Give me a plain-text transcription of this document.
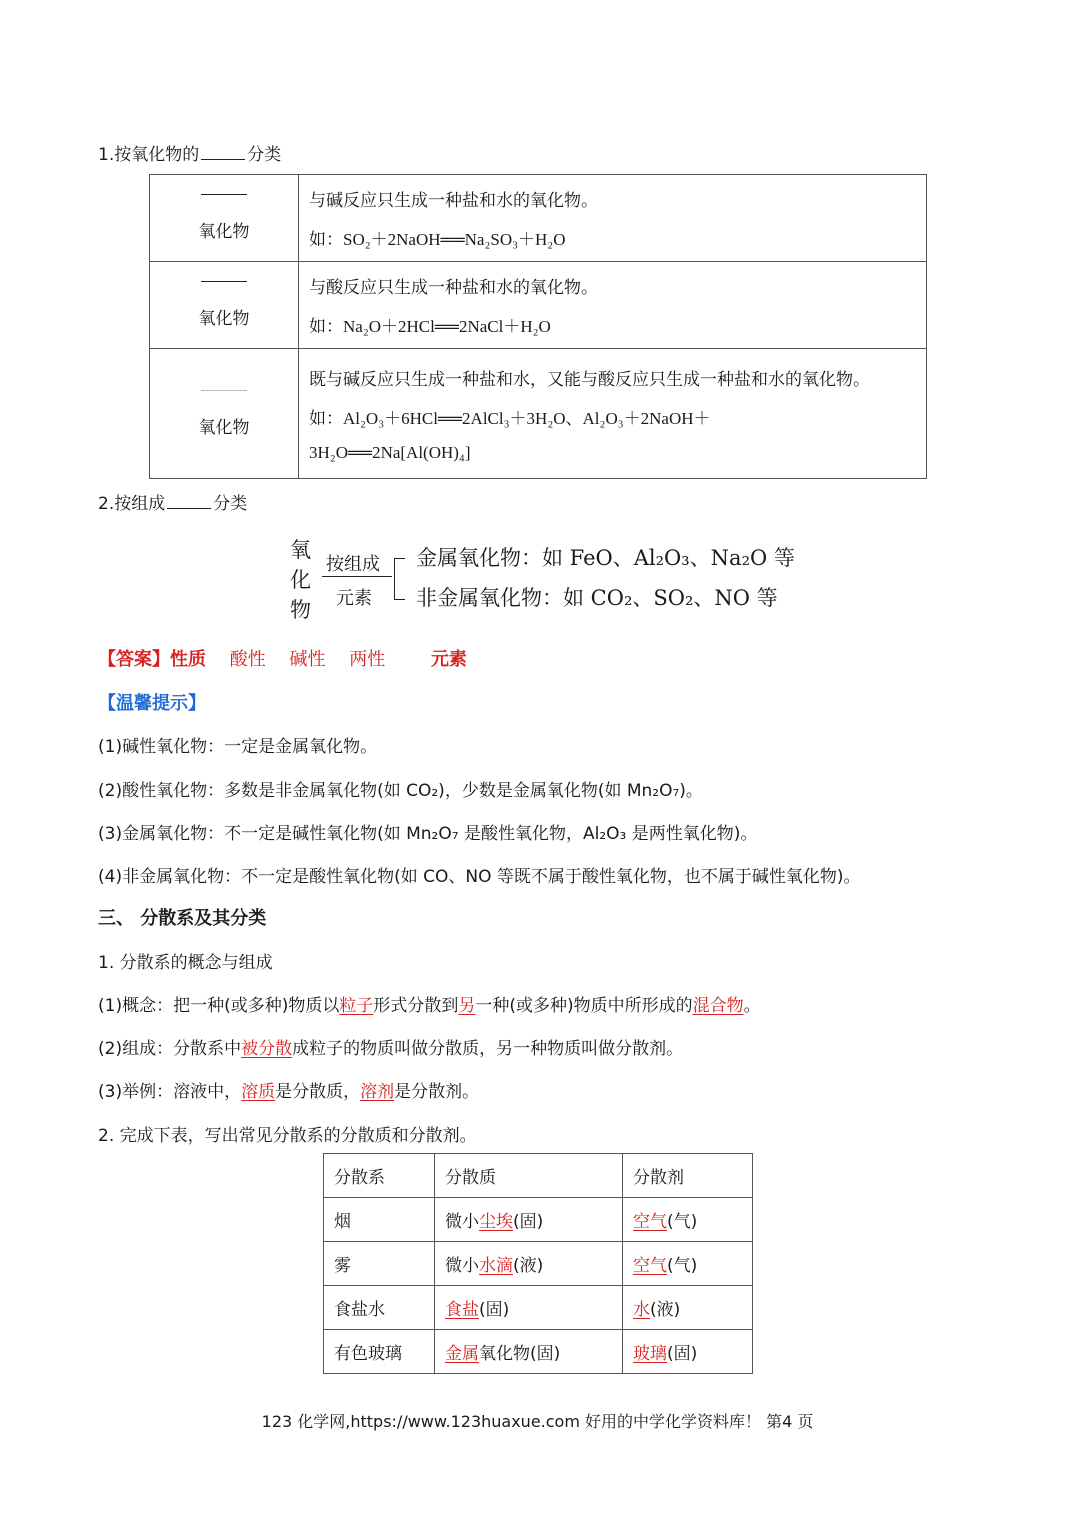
1.按氧化物的	分类
氧化物	与碱反应只生成一种盐和水的氧化物。
如：SO₂＋2NaOH══Na₂SO₃＋H₂O

氧化物	与酸反应只生成一种盐和水的氧化物。
如：Na₂O＋2HCl══2NaCl＋H₂O

氧化物	既与碱反应只生成一种盐和水，又能与酸反应只生成一种盐和水的氧化物。
如：Al₂O₃＋6HCl══2AlCl₃＋3H₂O、Al₂O₃＋2NaOH＋
3H₂O══2Na[Al(OH)₄]
2.按组成	分类
氧
化
物
按组成
元素
金属氧化物：如 FeO、Al₂O₃、Na₂O 等
非金属氧化物：如 CO₂、SO₂、NO 等
【答案】性质 酸性 碱性 两性	元素
【温馨提示】
(1)碱性氧化物：一定是金属氧化物。
(2)酸性氧化物：多数是非金属氧化物(如 CO₂)，少数是金属氧化物(如 Mn₂O₇)。
(3)金属氧化物：不一定是碱性氧化物(如 Mn₂O₇ 是酸性氧化物，Al₂O₃ 是两性氧化物)。
(4)非金属氧化物：不一定是酸性氧化物(如 CO、NO 等既不属于酸性氧化物，也不属于碱性氧化物)。
三、 分散系及其分类
1. 分散系的概念与组成
(1)概念：把一种(或多种)物质以粒子形式分散到另一种(或多种)物质中所形成的混合物。
(2)组成：分散系中被分散成粒子的物质叫做分散质，另一种物质叫做分散剂。
(3)举例：溶液中，溶质是分散质，溶剂是分散剂。
2. 完成下表，写出常见分散系的分散质和分散剂。
分散系	分散质	分散剂
烟	微小尘埃(固)	空气(气)
雾	微小水滴(液)	空气(气)
食盐水	食盐(固)	水(液)
有色玻璃	金属氧化物(固)	玻璃(固)
123 化学网,https://www.123huaxue.com 好用的中学化学资料库！ 第4 页
